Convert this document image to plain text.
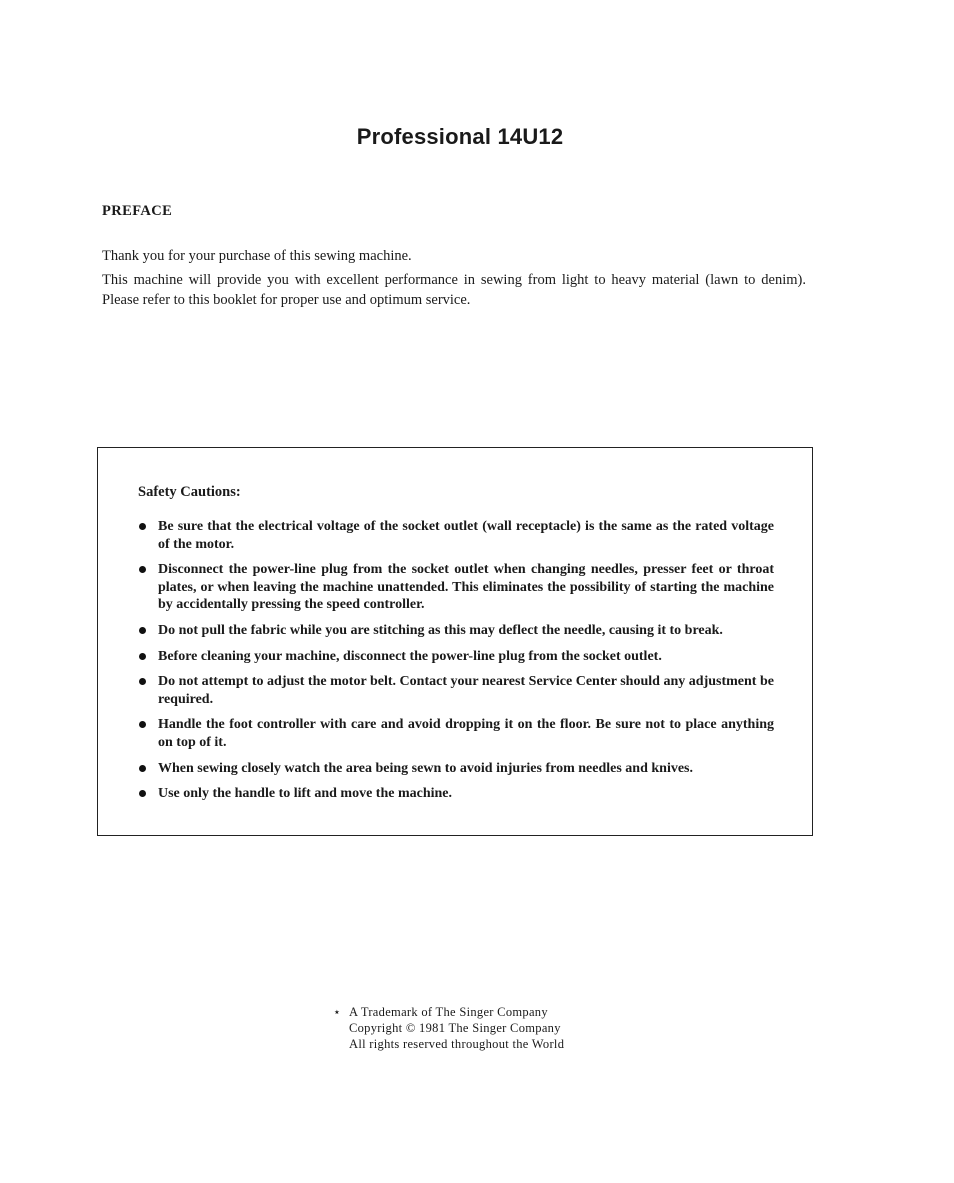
Professional 14U12
PREFACE

Thank you for your purchase of this sewing machine.

This machine will provide you with excellent performance in sewing from light to heavy material (lawn to denim). Please refer to this booklet for proper use and optimum service.

Safety Cautions:
Be sure that the electrical voltage of the socket outlet (wall receptacle) is the same as the rated voltage of the motor.
Disconnect the power-line plug from the socket outlet when changing needles, presser feet or throat plates, or when leaving the machine unattended. This eliminates the possibility of starting the machine by accidentally pressing the speed controller.
Do not pull the fabric while you are stitching as this may deflect the needle, causing it to break.
Before cleaning your machine, disconnect the power-line plug from the socket outlet.
Do not attempt to adjust the motor belt. Contact your nearest Service Center should any adjustment be required.
Handle the foot controller with care and avoid dropping it on the floor. Be sure not to place anything on top of it.
When sewing closely watch the area being sewn to avoid injuries from needles and knives.
Use only the handle to lift and move the machine.
⋆ A Trademark of The Singer Company
Copyright © 1981 The Singer Company
All rights reserved throughout the World
